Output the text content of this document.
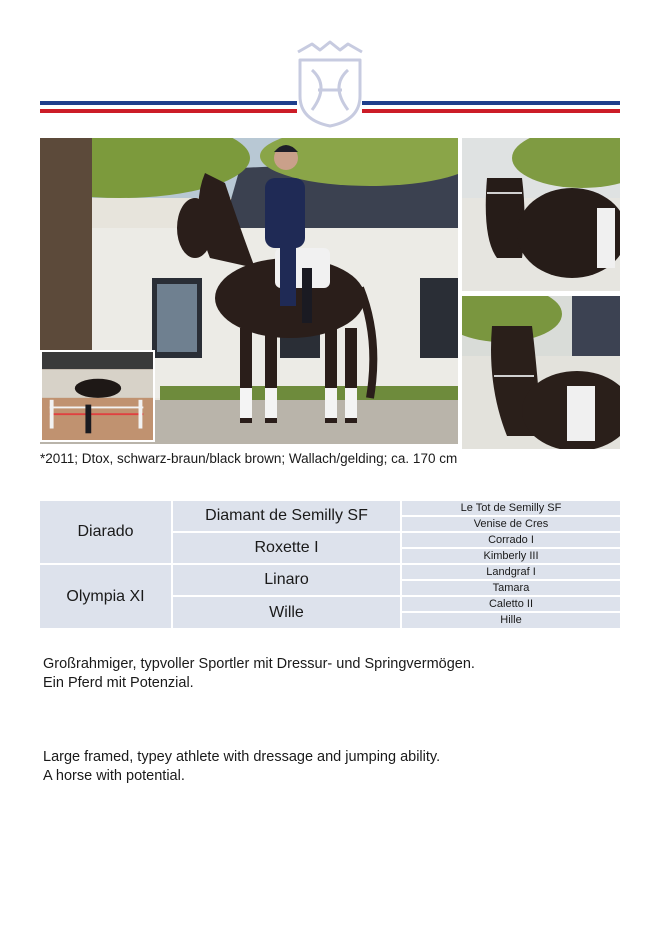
*2011; Dtox, schwarz-braun/black brown; Wallach/gelding; ca. 170 cm
Diarado
Olympia XI
Diamant de Semilly SF
Roxette I
Linaro
Wille
Le Tot de Semilly SF
Venise de Cres
Corrado I
Kimberly III
Landgraf I
Tamara
Caletto II
Hille
Großrahmiger, typvoller Sportler mit Dressur- und Springvermögen.
Ein Pferd mit Potenzial.
Large framed, typey athlete with dressage and jumping ability.
A horse with potential.
